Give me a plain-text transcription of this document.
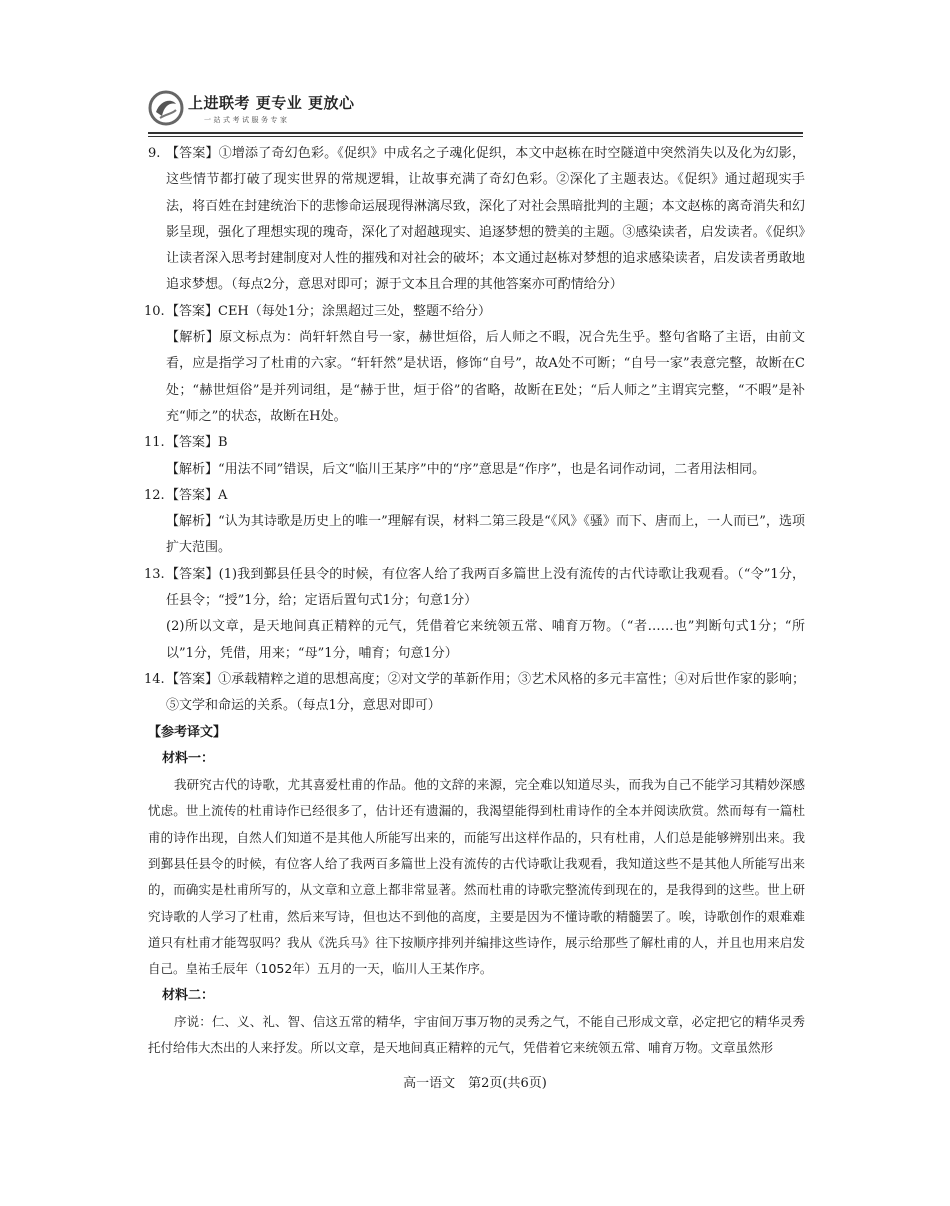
上进联考 更专业 更放心
一站式考试服务专家
9. 【答案】①增添了奇幻色彩。《促织》中成名之子魂化促织，本文中赵栋在时空隧道中突然消失以及化为幻影，这些情节都打破了现实世界的常规逻辑，让故事充满了奇幻色彩。②深化了主题表达。《促织》通过超现实手法，将百姓在封建统治下的悲惨命运展现得淋漓尽致，深化了对社会黑暗批判的主题；本文赵栋的离奇消失和幻影呈现，强化了理想实现的瑰奇，深化了对超越现实、追逐梦想的赞美的主题。③感染读者，启发读者。《促织》让读者深入思考封建制度对人性的摧残和对社会的破坏；本文通过赵栋对梦想的追求感染读者，启发读者勇敢地追求梦想。（每点2分，意思对即可；源于文本且合理的其他答案亦可酌情给分）
10. 【答案】CEH（每处1分；涂黑超过三处，整题不给分）
【解析】原文标点为：尚轩轩然自号一家，赫世烜俗，后人师之不暇，况合先生乎。整句省略了主语，由前文看，应是指学习了杜甫的六家。“轩轩然”是状语，修饰“自号”，故A处不可断；“自号一家”表意完整，故断在C处；“赫世烜俗”是并列词组，是“赫于世，烜于俗”的省略，故断在E处；“后人师之”主谓宾完整，“不暇”是补充“师之”的状态，故断在H处。
11. 【答案】B
【解析】“用法不同”错误，后文“临川王某序”中的“序”意思是“作序”，也是名词作动词，二者用法相同。
12. 【答案】A
【解析】“认为其诗歌是历史上的唯一”理解有误，材料二第三段是“《风》《骚》而下、唐而上，一人而已”，选项扩大范围。
13. 【答案】(1)我到鄞县任县令的时候，有位客人给了我两百多篇世上没有流传的古代诗歌让我观看。（“令”1分，任县令；“授”1分，给；定语后置句式1分；句意1分）
(2)所以文章，是天地间真正精粹的元气，凭借着它来统领五常、哺育万物。（“者……也”判断句式1分；“所以”1分，凭借，用来；“母”1分，哺育；句意1分）
14. 【答案】①承载精粹之道的思想高度；②对文学的革新作用；③艺术风格的多元丰富性；④对后世作家的影响；⑤文学和命运的关系。（每点1分，意思对即可）
【参考译文】
材料一：
我研究古代的诗歌，尤其喜爱杜甫的作品。他的文辞的来源，完全难以知道尽头，而我为自己不能学习其精妙深感忧虑。世上流传的杜甫诗作已经很多了，估计还有遗漏的，我渴望能得到杜甫诗作的全本并阅读欣赏。然而每有一篇杜甫的诗作出现，自然人们知道不是其他人所能写出来的，而能写出这样作品的，只有杜甫，人们总是能够辨别出来。我到鄞县任县令的时候，有位客人给了我两百多篇世上没有流传的古代诗歌让我观看，我知道这些不是其他人所能写出来的，而确实是杜甫所写的，从文章和立意上都非常显著。然而杜甫的诗歌完整流传到现在的，是我得到的这些。世上研究诗歌的人学习了杜甫，然后来写诗，但也达不到他的高度，主要是因为不懂诗歌的精髓罢了。唉，诗歌创作的艰难难道只有杜甫才能驾驭吗？我从《洗兵马》往下按顺序排列并编排这些诗作，展示给那些了解杜甫的人，并且也用来启发自己。皇祐壬辰年（1052年）五月的一天，临川人王某作序。
材料二：
序说：仁、义、礼、智、信这五常的精华，宇宙间万事万物的灵秀之气，不能自己形成文章，必定把它的精华灵秀托付给伟大杰出的人来抒发。所以文章，是天地间真正精粹的元气，凭借着它来统领五常、哺育万物。文章虽然形
高一语文　第2页(共6页)
